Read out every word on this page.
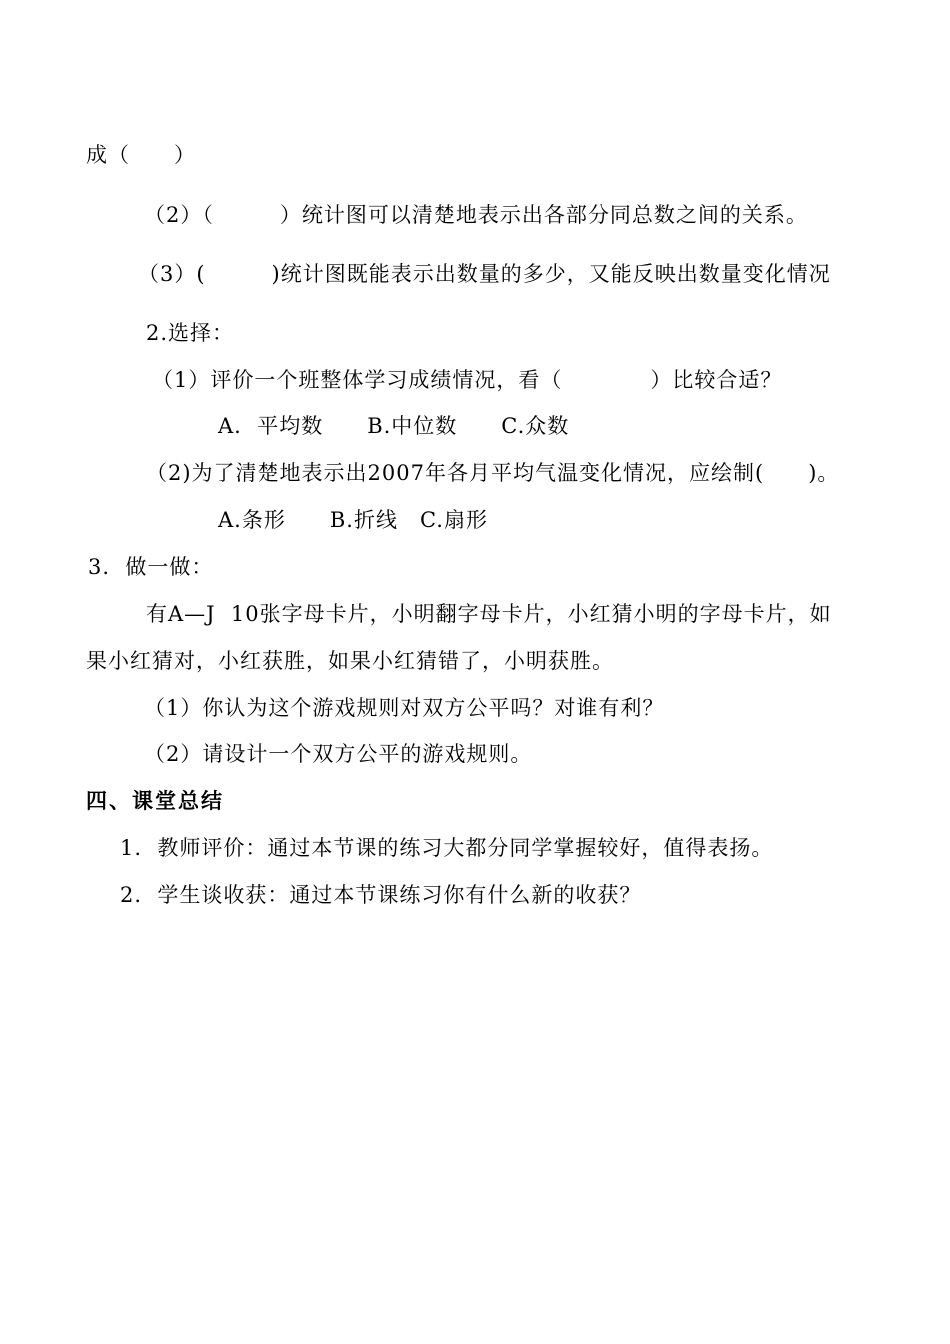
成（　　）
（2）（　　　）统计图可以清楚地表示出各部分同总数之间的关系。
（3）(　　　)统计图既能表示出数量的多少，又能反映出数量变化情况
2.选择：
（1）评价一个班整体学习成绩情况，看（　　　　）比较合适？
A.  平均数　　B.中位数　　C.众数
（2)为了清楚地表示出2007年各月平均气温变化情况，应绘制(　　)。
A.条形　　B.折线　C.扇形
3.  做一做：
有A—J  10张字母卡片，小明翻字母卡片，小红猜小明的字母卡片，如
果小红猜对，小红获胜，如果小红猜错了，小明获胜。
（1）你认为这个游戏规则对双方公平吗？对谁有利？
（2）请设计一个双方公平的游戏规则。
四、课堂总结
1.  教师评价：通过本节课的练习大都分同学掌握较好，值得表扬。
2.  学生谈收获：通过本节课练习你有什么新的收获？
